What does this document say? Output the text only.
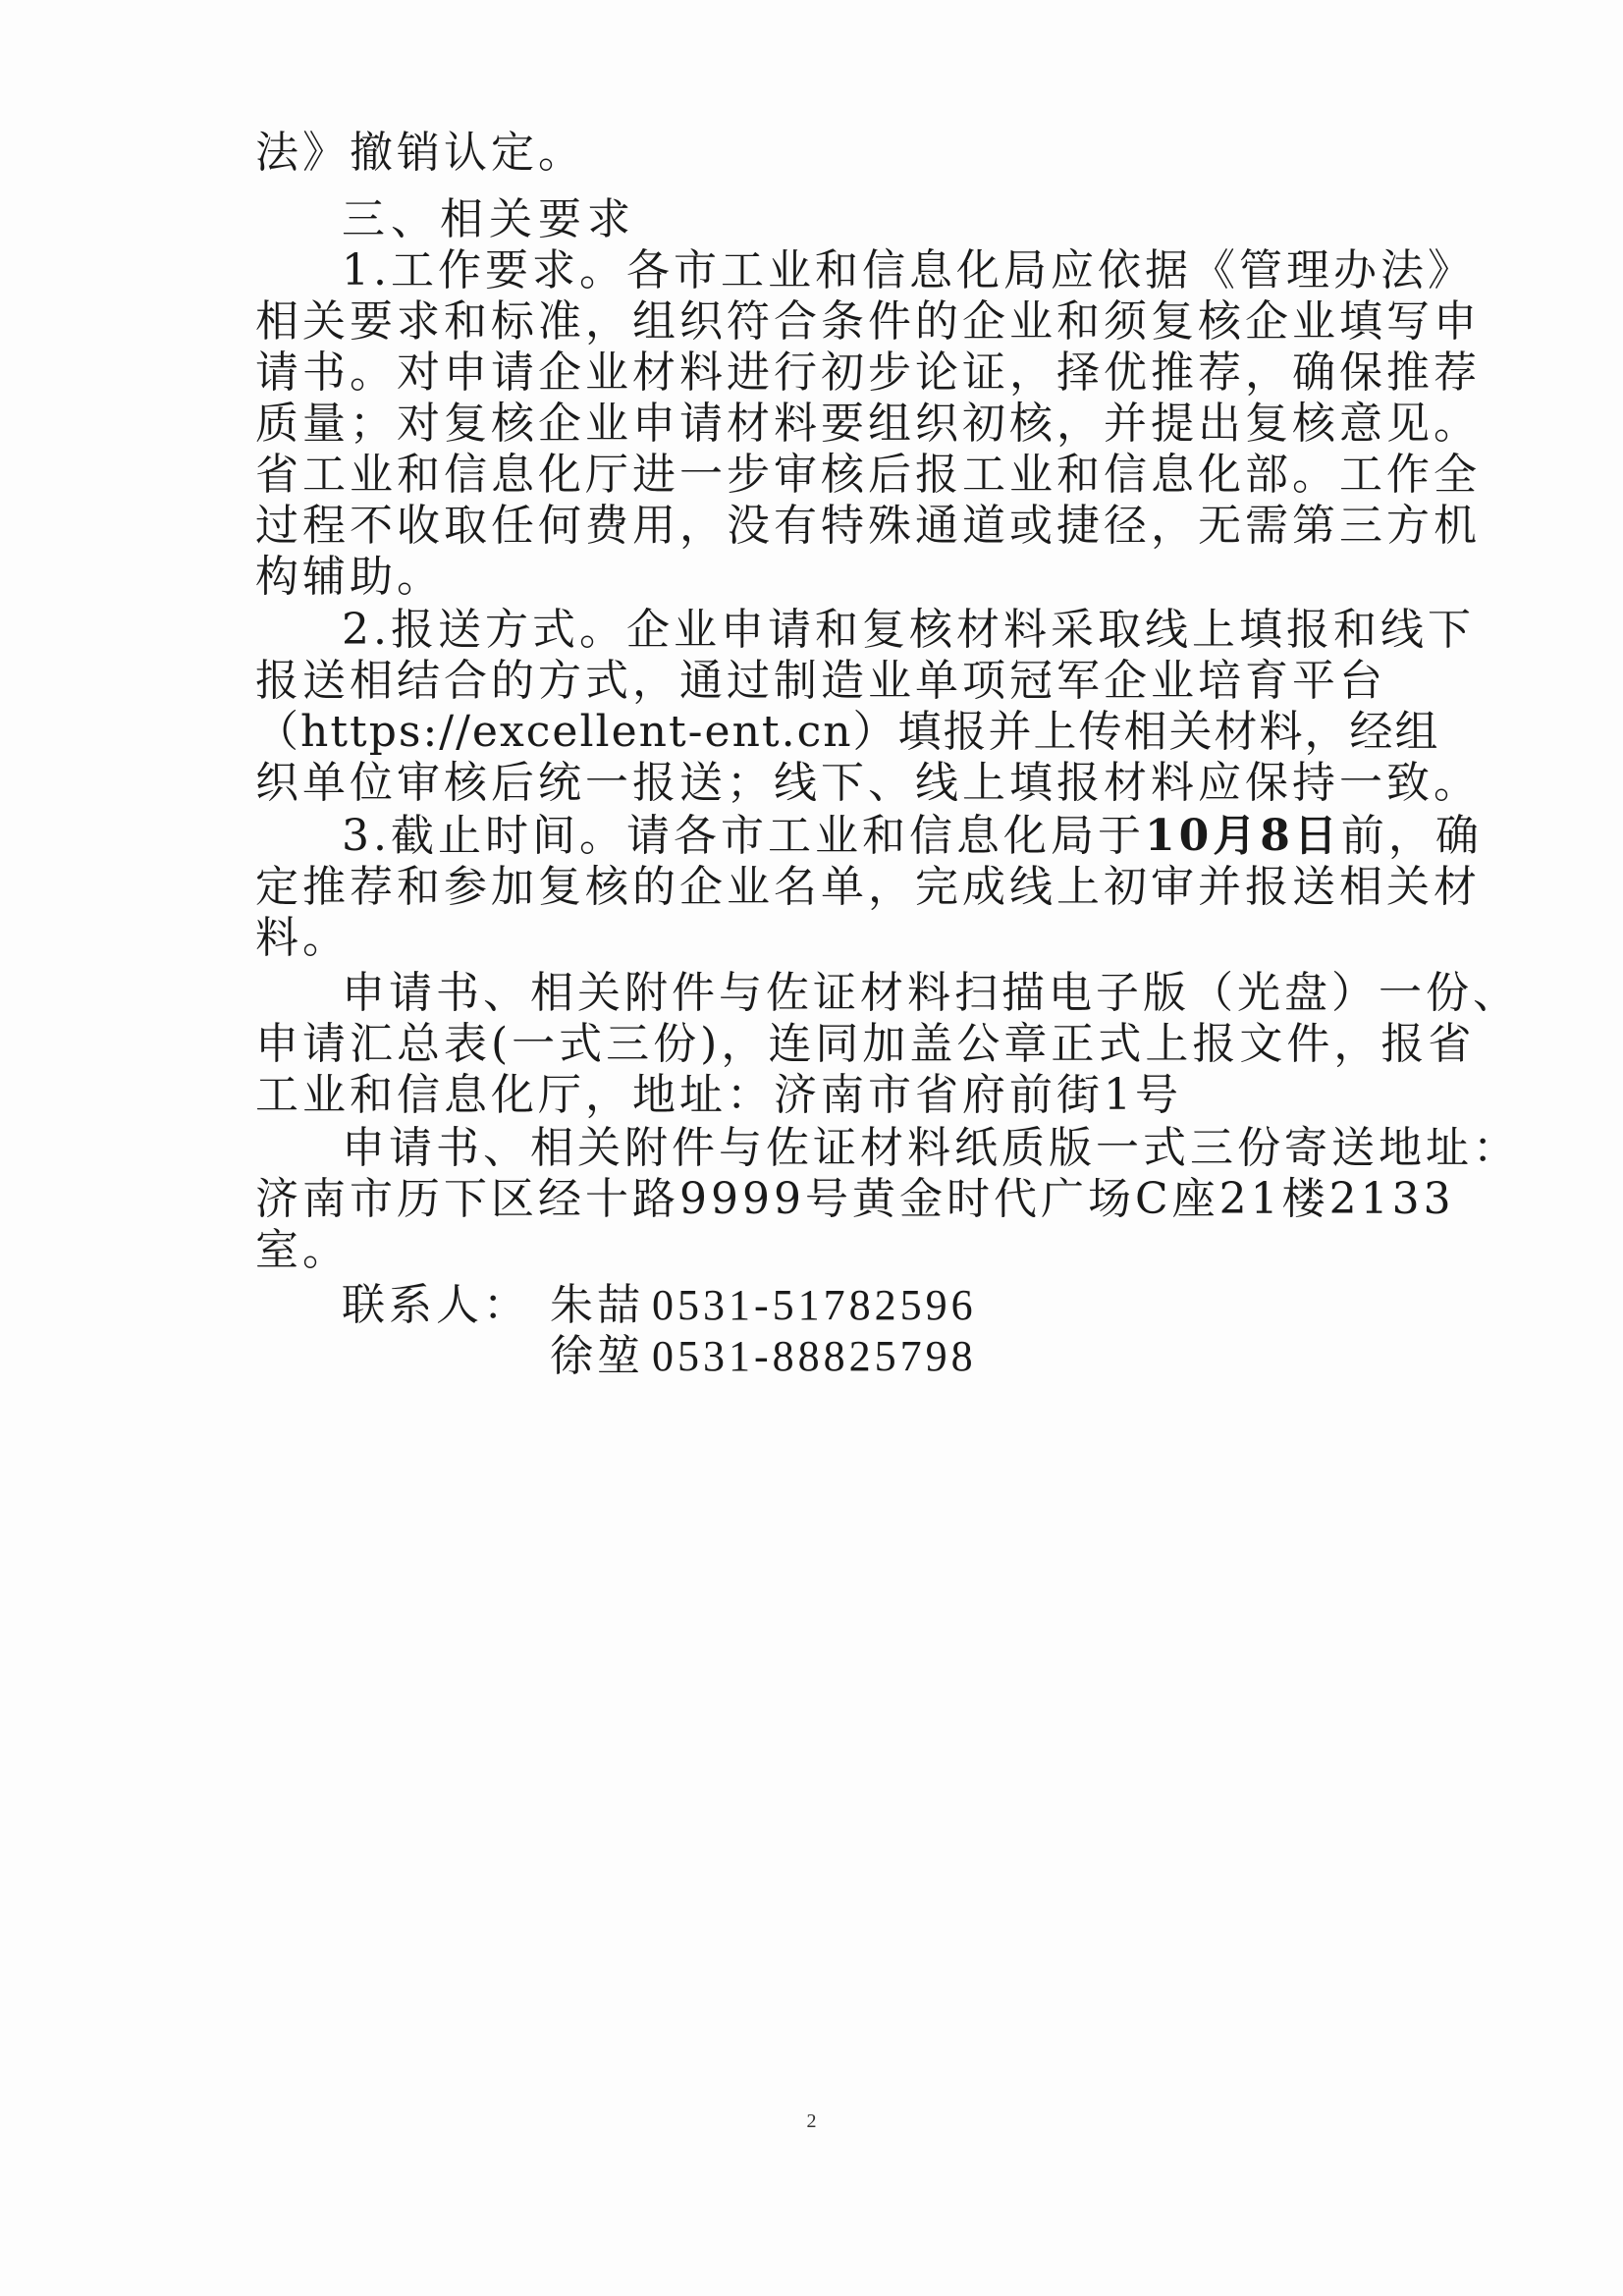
法》撤销认定。
三、相关要求
1.工作要求。各市工业和信息化局应依据《管理办法》
相关要求和标准，组织符合条件的企业和须复核企业填写申
请书。对申请企业材料进行初步论证，择优推荐，确保推荐
质量；对复核企业申请材料要组织初核，并提出复核意见。
省工业和信息化厅进一步审核后报工业和信息化部。工作全
过程不收取任何费用，没有特殊通道或捷径，无需第三方机
构辅助。
2.报送方式。企业申请和复核材料采取线上填报和线下
报送相结合的方式，通过制造业单项冠军企业培育平台
（https://excellent-ent.cn）填报并上传相关材料，经组
织单位审核后统一报送；线下、线上填报材料应保持一致。
3.截止时间。请各市工业和信息化局于10月8日前，确
定推荐和参加复核的企业名单，完成线上初审并报送相关材
料。
申请书、相关附件与佐证材料扫描电子版（光盘）一份、
申请汇总表(一式三份)，连同加盖公章正式上报文件，报省
工业和信息化厅，地址：济南市省府前街1号
申请书、相关附件与佐证材料纸质版一式三份寄送地址：
济南市历下区经十路9999号黄金时代广场C座21楼2133
室。
联系人： 朱喆 0531-51782596
徐堃 0531-88825798
2
